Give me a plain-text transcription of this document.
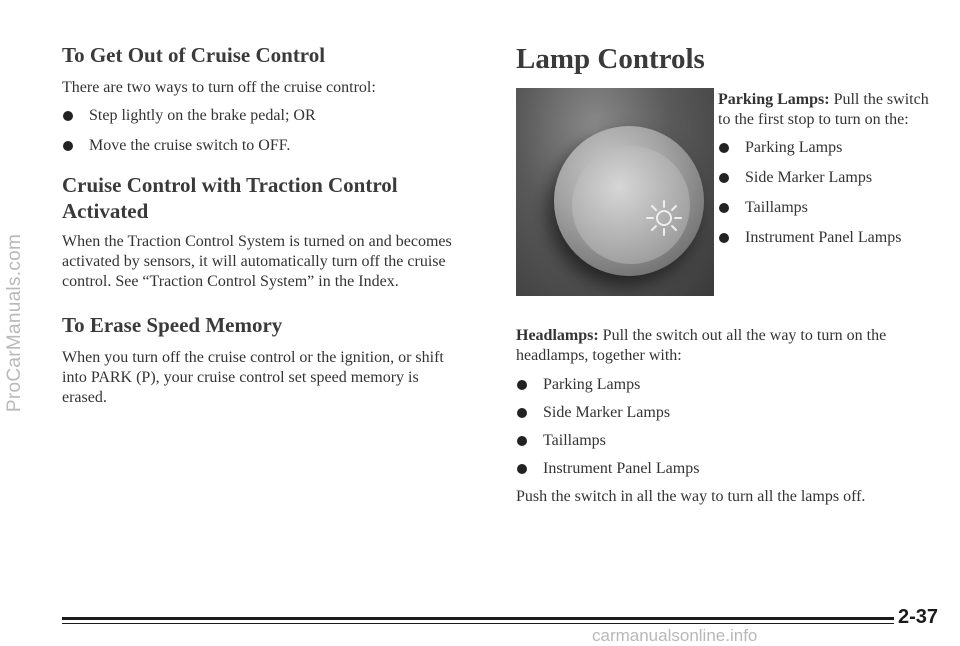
ProCarManuals.com
To Get Out of Cruise Control

There are two ways to turn off the cruise control:

Step lightly on the brake pedal; OR
Move the cruise switch to OFF.
Cruise Control with Traction Control
Activated

When the Traction Control System is turned on and becomes activated by sensors, it will automatically turn off the cruise control. See “Traction Control System” in the Index.

To Erase Speed Memory

When you turn off the cruise control or the ignition, or shift into PARK (P), your cruise control set speed memory is erased.

Lamp Controls

Parking Lamps: Pull the switch to the first stop to turn on the:

Parking Lamps
Side Marker Lamps
Taillamps
Instrument Panel Lamps

Headlamps: Pull the switch out all the way to turn on the headlamps, together with:

Parking Lamps
Side Marker Lamps
Taillamps
Instrument Panel Lamps

Push the switch in all the way to turn all the lamps off.

2-37
carmanualsonline.info
